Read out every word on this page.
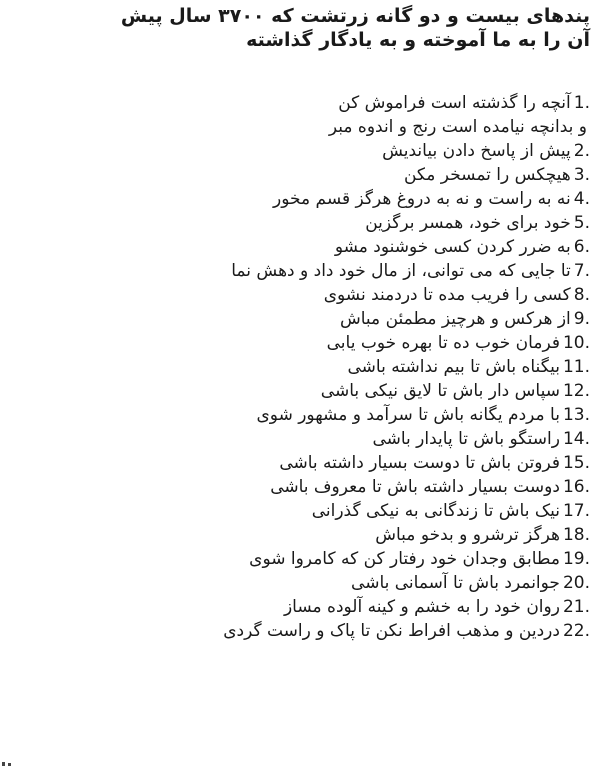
پندهای بیست و دو گانه زرتشت که ۳۷۰۰ سال پیش
آن را به ما آموخته و به یادگار گذاشته
1.
آنچه را گذشته است فراموش کن
و بدانچه نیامده است رنج و اندوه مبر
2.
پیش از پاسخ دادن بیاندیش
3.
هیچکس را تمسخر مکن
4.
نه به راست و نه به دروغ هرگز قسم مخور
5.
خود برای خود، همسر برگزین
6.
به ضرر کردن کسی خوشنود مشو
7.
تا جایی که می توانی، از مال خود داد و دهش نما
8.
کسی را فریب مده تا دردمند نشوی
9.
از هرکس و هرچیز مطمئن مباش
10.
فرمان خوب ده تا بهره خوب یابی
11.
بیگناه باش تا بیم نداشته باشی
12.
سپاس دار باش تا لایق نیکی باشی
13.
با مردم یگانه باش تا سرآمد و مشهور شوی
14.
راستگو باش تا پایدار باشی
15.
فروتن باش تا دوست بسیار داشته باشی
16.
دوست بسیار داشته باش تا معروف باشی
17.
نیک باش تا زندگانی به نیکی گذرانی
18.
هرگز ترشرو و بدخو مباش
19.
مطابق وجدان خود رفتار کن که کامروا شوی
20.
جوانمرد باش تا آسمانی باشی
21.
روان خود را به خشم و کینه آلوده مساز
22.
دردین و مذهب افراط نکن تا پاک و راست گردی
